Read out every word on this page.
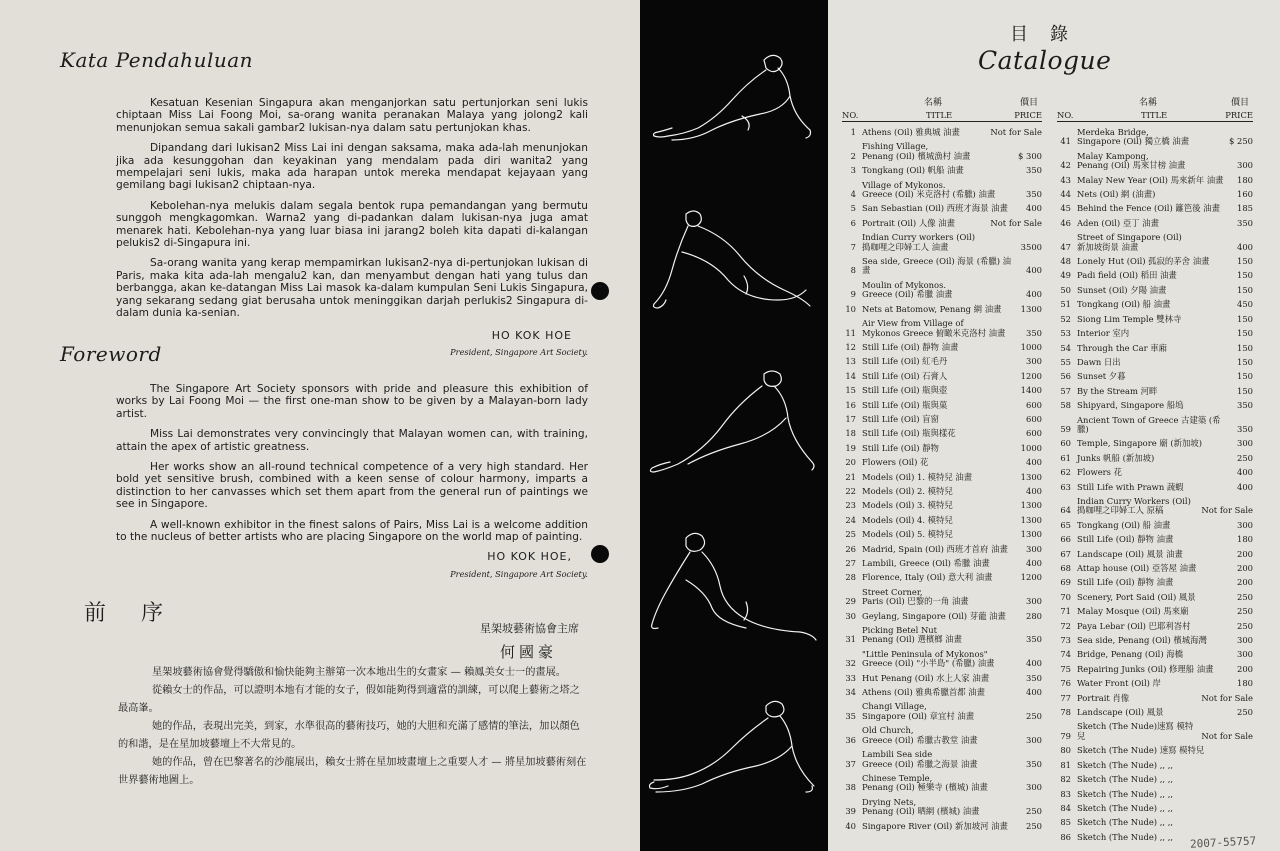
Kata Pendahuluan

Kesatuan Kesenian Singapura akan menganjorkan satu pertunjorkan seni lukis chiptaan Miss Lai Foong Moi, sa-orang wanita peranakan Malaya yang jolong2 kali menunjokan semua sakali gambar2 lukisan-nya dalam satu pertunjokan khas.

Dipandang dari lukisan2 Miss Lai ini dengan saksama, maka ada-lah menunjokan jika ada kesunggohan dan keyakinan yang mendalam pada diri wanita2 yang mempelajari seni lukis, maka ada harapan untok mereka mendapat kejayaan yang gemilang bagi lukisan2 chiptaan-nya.

Kebolehan-nya melukis dalam segala bentok rupa pemandangan yang bermutu sunggoh mengkagomkan. Warna2 yang di-padankan dalam lukisan-nya juga amat menarek hati. Kebolehan-nya yang luar biasa ini jarang2 boleh kita dapati di-kalangan pelukis2 di-Singapura ini.

Sa-orang wanita yang kerap mempamirkan lukisan2-nya di-pertunjokan lukisan di Paris, maka kita ada-lah mengalu2 kan, dan menyambut dengan hati yang tulus dan berbangga, akan ke-datangan Miss Lai masok ka-dalam kumpulan Seni Lukis Singapura, yang sekarang sedang giat berusaha untok meninggikan darjah perlukis2 Singapura di-dalam dunia ka-senian.

HO KOK HOE
President, Singapore Art Society.
Foreword

The Singapore Art Society sponsors with pride and pleasure this exhibition of works by Lai Foong Moi — the first one-man show to be given by a Malayan-born lady artist.

Miss Lai demonstrates very convincingly that Malayan women can, with training, attain the apex of artistic greatness.

Her works show an all-round technical competence of a very high standard. Her bold yet sensitive brush, combined with a keen sense of colour harmony, imparts a distinction to her canvasses which set them apart from the general run of paintings we see in Singapore.

A well-known exhibitor in the finest salons of Pairs, Miss Lai is a welcome addition to the nucleus of better artists who are placing Singapore on the world map of painting.

HO KOK HOE,
President, Singapore Art Society.
前 序
星架坡藝術協會主席
何國豪

星架坡藝術協會覺得驕傲和愉快能夠主辦第一次本地出生的女畫家 — 賴鳳美女士一的畫展。

從賴女士的作品，可以證明本地有才能的女子，假如能夠得到適當的訓練，可以爬上藝術之塔之最高峯。

她的作品，表現出完美，到家，水準很高的藝術技巧，她的大胆和充滿了感情的筆法，加以顏色的和諧，是在星加坡藝壇上不大常見的。

她的作品，曾在巴黎著名的沙龍展出，賴女士將在星加坡畫壇上之重要人才 — 將星加坡藝術刻在世界藝術地圖上。

目錄
Catalogue
NO.
名稱
TITLE
價目
PRICE
1 Athens (Oil) 雅典城 油畫	Not for Sale
2
Fishing Village,
Penang (Oil) 檳城漁村 油畫	$ 300
3 Tongkang (Oil) 帆船 油畫	350
4
Village of Mykonos.
Greece (Oil) 米克洛村 (希臘) 油畫	350
5 San Sebastian (Oil) 西班才海景 油畫	400
6 Portrait (Oil) 人像 油畫	Not for Sale
7
Indian Curry workers (Oil)
搗咖哩之印婦工人 油畫	3500
8
Sea side, Greece (Oil) 海景 (希臘) 油畫	400
9
Moulin of Mykonos.
Greece (Oil) 希臘 油畫	400
10 Nets at Batomow, Penang 網 油畫	1300
11
Air View from Village of
Mykonos Greece 俯瞰米克洛村 油畫	350
12 Still Life (Oil) 靜物 油畫	1000
13 Still Life (Oil) 紅毛丹	300
14 Still Life (Oil) 石膏人	1200
15 Still Life (Oil) 瓶與壺	1400
16 Still Life (Oil) 瓶與菓	600
17 Still Life (Oil) 盲窗	600
18 Still Life (Oil) 瓶與樣花	600
19 Still Life (Oil) 靜物	1000
20 Flowers (Oil) 花	400
21 Models (Oil) 1. 模特兒 油畫	1300
22 Models (Oil) 2. 模特兒	400
23 Models (Oil) 3. 模特兒	1300
24 Models (Oil) 4. 模特兒	1300
25 Models (Oil) 5. 模特兒	1300
26 Madrid, Spain (Oil) 西班才首府 油畫	300
27 Lambili, Greece (Oil) 希臘 油畫	400
28 Florence, Italy (Oil) 意大利 油畫	1200
29
Street Corner,
Paris (Oil) 巴黎的一角 油畫	300
30 Geylang, Singapore (Oil) 芽蘢 油畫	280
31
Picking Betel Nut
Penang (Oil) 選檳榔 油畫	350
32
"Little Peninsula of Mykonos"
Greece (Oil) "小半島" (希臘) 油畫	400
33 Hut Penang (Oil) 水上人家 油畫	350
34 Athens (Oil) 雅典希臘首都 油畫	400
35
Changi Village,
Singapore (Oil) 章宜村 油畫	250
36
Old Church,
Greece (Oil) 希臘古教堂 油畫	300
37
Lambili Sea side
Greece (Oil) 希臘之海景 油畫	350
38
Chinese Temple,
Penang (Oil) 極樂寺 (檳城) 油畫	300
39
Drying Nets,
Penang (Oil) 晒網 (檳城) 油畫	250
40 Singapore River (Oil) 新加坡河 油畫	250
NO.
名稱
TITLE
價目
PRICE
41
Merdeka Bridge,
Singapore (Oil) 獨立橋 油畫	$ 250
42
Malay Kampong,
Penang (Oil) 馬來甘榜 油畫	300
43 Malay New Year (Oil) 馬來新年 油畫	180
44 Nets (Oil) 網 (油畫)	160
45 Behind the Fence (Oil) 籬笆後 油畫	185
46 Aden (Oil) 亞丁 油畫	350
47
Street of Singapore (Oil)
新加坡街景 油畫	400
48 Lonely Hut (Oil) 孤寂的茅舍 油畫	150
49 Padi field (Oil) 稻田 油畫	150
50 Sunset (Oil) 夕陽 油畫	150
51 Tongkang (Oil) 船 油畫	450
52 Siong Lim Temple 雙林寺	150
53 Interior 室内	150
54 Through the Car 車廂	150
55 Dawn 日出	150
56 Sunset 夕暮	150
57 By the Stream 河畔	150
58 Shipyard, Singapore 船塢	350
59
Ancient Town of Greece 古建築 (希臘)	350
60 Temple, Singapore 廟 (新加坡)	300
61 Junks 帆船 (新加坡)	250
62 Flowers 花	400
63 Still Life with Prawn 蔬蝦	400
64
Indian Curry Workers (Oil)
搗咖哩之印婦工人 原稿	Not for Sale
65 Tongkang (Oil) 船 油畫	300
66 Still Life (Oil) 靜物 油畫	180
67 Landscape (Oil) 風景 油畫	200
68 Attap house (Oil) 亞答屋 油畫	200
69 Still Life (Oil) 靜物 油畫	200
70 Scenery, Port Said (Oil) 風景	250
71 Malay Mosque (Oil) 馬來廟	250
72 Paya Lebar (Oil) 巴耶利峇村	250
73 Sea side, Penang (Oil) 檳城海灣	300
74 Bridge, Penang (Oil) 海橋	300
75 Repairing Junks (Oil) 修理船 油畫	200
76 Water Front (Oil) 岸	180
77 Portrait 肖像	Not for Sale
78 Landscape (Oil) 風景	250
79
Sketch (The Nude)速寫 模特兒	Not for Sale
80 Sketch (The Nude) 速寫 模特兒
81 Sketch (The Nude) ,, ,,
82 Sketch (The Nude) ,, ,,
83 Sketch (The Nude) ,, ,,
84 Sketch (The Nude) ,, ,,
85 Sketch (The Nude) ,, ,,
86 Sketch (The Nude) ,, ,,	2007-55757
